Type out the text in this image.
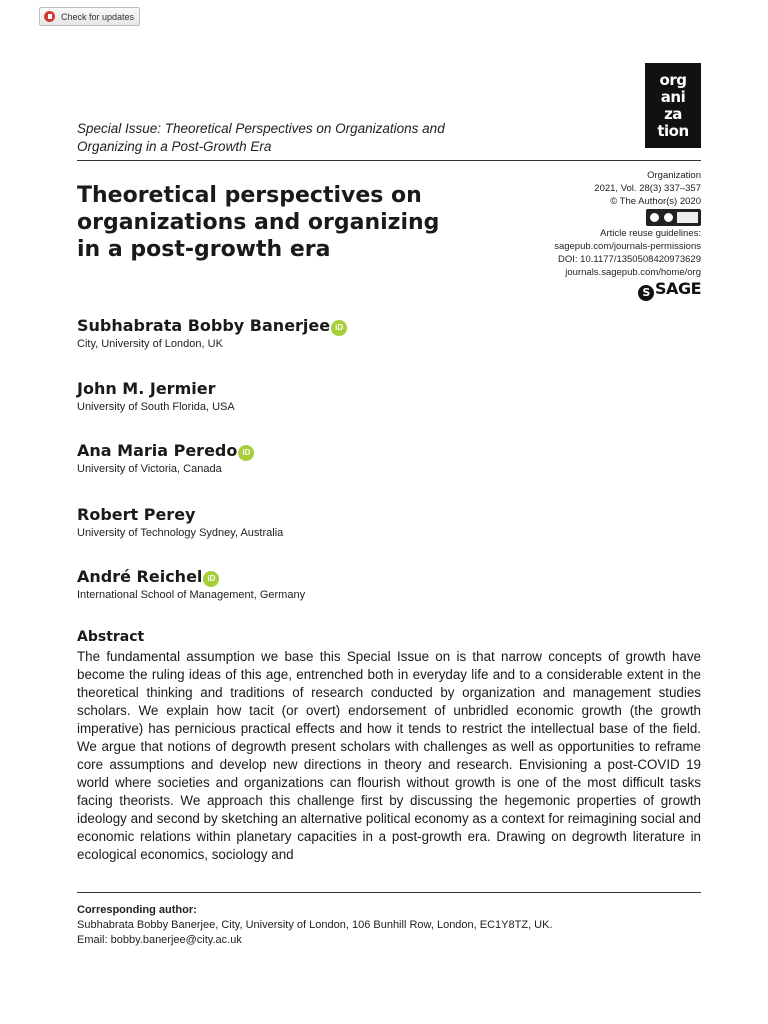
Check for updates
org
ani
za
tion
Special Issue: Theoretical Perspectives on Organizations and Organizing in a Post-Growth Era
Theoretical perspectives on organizations and organizing in a post-growth era
Organization
2021, Vol. 28(3) 337–357
© The Author(s) 2020
Article reuse guidelines:
sagepub.com/journals-permissions
DOI: 10.1177/1350508420973629
journals.sagepub.com/home/org
S SAGE
Subhabrata Bobby Banerjee iD
City, University of London, UK
John M. Jermier
University of South Florida, USA
Ana Maria Peredo iD
University of Victoria, Canada
Robert Perey
University of Technology Sydney, Australia
André Reichel iD
International School of Management, Germany
Abstract

The fundamental assumption we base this Special Issue on is that narrow concepts of growth have become the ruling ideas of this age, entrenched both in everyday life and to a considerable extent in the theoretical thinking and traditions of research conducted by organization and management studies scholars. We explain how tacit (or overt) endorsement of unbridled economic growth (the growth imperative) has pernicious practical effects and how it tends to restrict the intellectual base of the field. We argue that notions of degrowth present scholars with challenges as well as opportunities to reframe core assumptions and develop new directions in theory and research. Envisioning a post-COVID 19 world where societies and organizations can flourish without growth is one of the most difficult tasks facing theorists. We approach this challenge first by discussing the hegemonic properties of growth ideology and second by sketching an alternative political economy as a context for reimagining social and economic relations within planetary capacities in a post-growth era. Drawing on degrowth literature in ecological economics, sociology and

Corresponding author:
Subhabrata Bobby Banerjee, City, University of London, 106 Bunhill Row, London, EC1Y8TZ, UK.
Email: bobby.banerjee@city.ac.uk
